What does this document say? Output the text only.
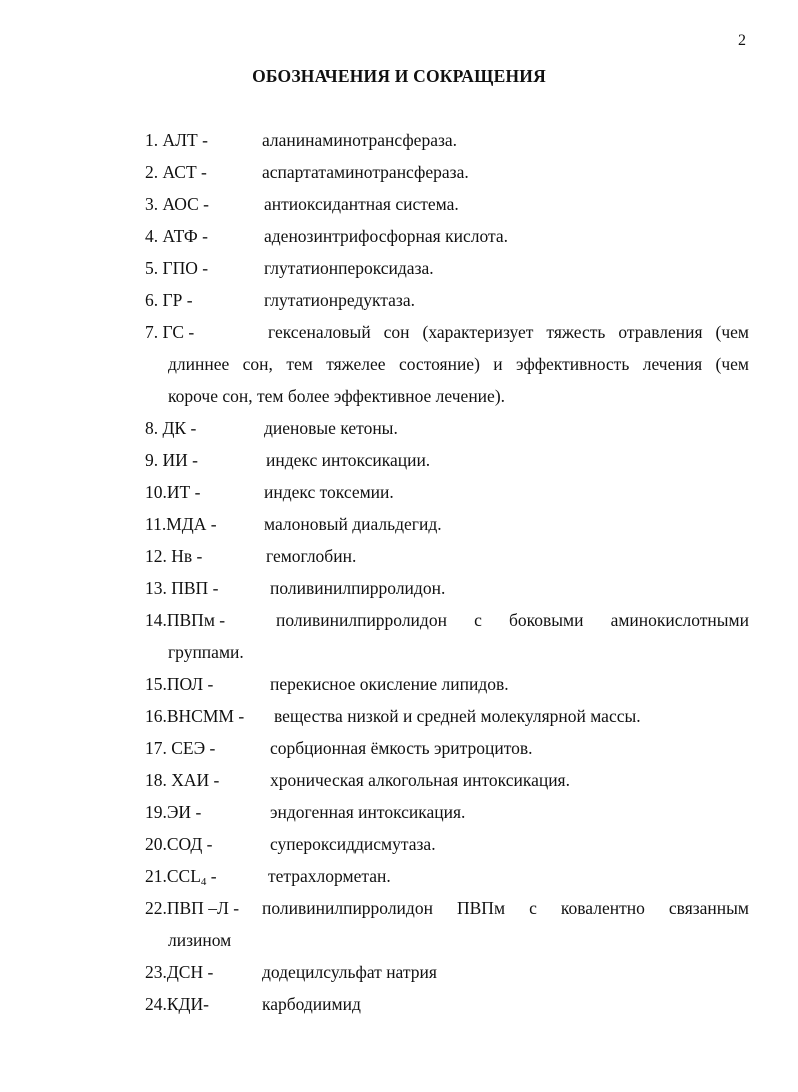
2
ОБОЗНАЧЕНИЯ И СОКРАЩЕНИЯ
1. АЛТ -	аланинаминотрансфераза.
2. АСТ -	аспартатаминотрансфераза.
3. АОС -	антиоксидантная система.
4. АТФ -	аденозинтрифосфорная кислота.
5. ГПО -	глутатионпероксидаза.
6. ГР -	глутатионредуктаза.
7. ГС -	гексеналовый сон (характеризует тяжесть отравления (чем
длиннее сон, тем тяжелее состояние) и эффективность лечения (чем
короче сон, тем более эффективное лечение).
8. ДК -	диеновые кетоны.
9. ИИ -	индекс интоксикации.
10.ИТ -	индекс токсемии.
11.МДА -	малоновый диальдегид.
12. Нв -	гемоглобин.
13. ПВП -	поливинилпирролидон.
14.ПВПм -	поливинилпирролидон с боковыми аминокислотными
группами.
15.ПОЛ -	перекисное окисление липидов.
16.ВНСММ - вещества низкой и средней молекулярной массы.
17. СЕЭ -	сорбционная ёмкость эритроцитов.
18. ХАИ -	хроническая алкогольная интоксикация.
19.ЭИ -	эндогенная интоксикация.
20.СОД -	супероксиддисмутаза.
$21.CCL_4$ -	тетрахлорметан.
22.ПВП –Л - поливинилпирролидон ПВПм с ковалентно связанным
лизином
23.ДСН -	додецилсульфат натрия
24.КДИ-	карбодиимид
